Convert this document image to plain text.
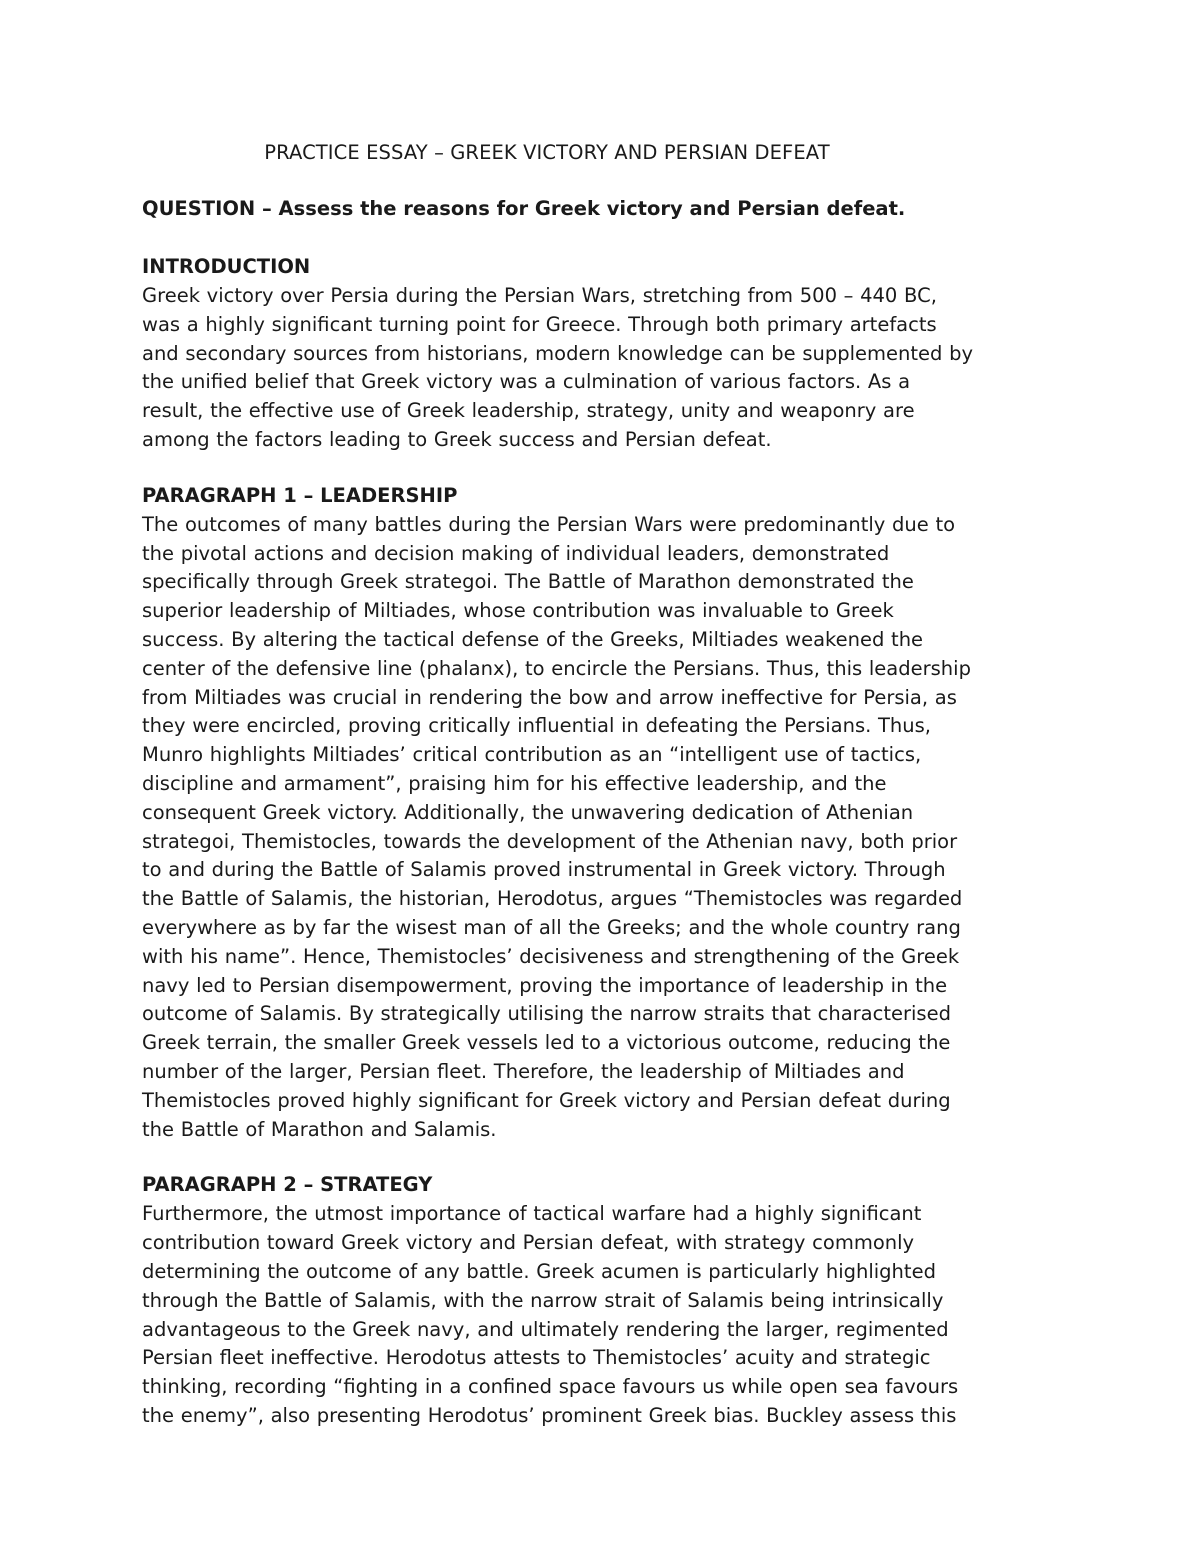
PRACTICE ESSAY – GREEK VICTORY AND PERSIAN DEFEAT

QUESTION – Assess the reasons for Greek victory and Persian defeat.

INTRODUCTION

Greek victory over Persia during the Persian Wars, stretching from 500 – 440 BC,
was a highly significant turning point for Greece. Through both primary artefacts
and secondary sources from historians, modern knowledge can be supplemented by
the unified belief that Greek victory was a culmination of various factors. As a
result, the effective use of Greek leadership, strategy, unity and weaponry are
among the factors leading to Greek success and Persian defeat.

PARAGRAPH 1 – LEADERSHIP

The outcomes of many battles during the Persian Wars were predominantly due to
the pivotal actions and decision making of individual leaders, demonstrated
specifically through Greek strategoi. The Battle of Marathon demonstrated the
superior leadership of Miltiades, whose contribution was invaluable to Greek
success. By altering the tactical defense of the Greeks, Miltiades weakened the
center of the defensive line (phalanx), to encircle the Persians. Thus, this leadership
from Miltiades was crucial in rendering the bow and arrow ineffective for Persia, as
they were encircled, proving critically influential in defeating the Persians. Thus,
Munro highlights Miltiades’ critical contribution as an “intelligent use of tactics,
discipline and armament”, praising him for his effective leadership, and the
consequent Greek victory. Additionally, the unwavering dedication of Athenian
strategoi, Themistocles, towards the development of the Athenian navy, both prior
to and during the Battle of Salamis proved instrumental in Greek victory. Through
the Battle of Salamis, the historian, Herodotus, argues “Themistocles was regarded
everywhere as by far the wisest man of all the Greeks; and the whole country rang
with his name”. Hence, Themistocles’ decisiveness and strengthening of the Greek
navy led to Persian disempowerment, proving the importance of leadership in the
outcome of Salamis. By strategically utilising the narrow straits that characterised
Greek terrain, the smaller Greek vessels led to a victorious outcome, reducing the
number of the larger, Persian fleet. Therefore, the leadership of Miltiades and
Themistocles proved highly significant for Greek victory and Persian defeat during
the Battle of Marathon and Salamis.

PARAGRAPH 2 – STRATEGY

Furthermore, the utmost importance of tactical warfare had a highly significant
contribution toward Greek victory and Persian defeat, with strategy commonly
determining the outcome of any battle. Greek acumen is particularly highlighted
through the Battle of Salamis, with the narrow strait of Salamis being intrinsically
advantageous to the Greek navy, and ultimately rendering the larger, regimented
Persian fleet ineffective. Herodotus attests to Themistocles’ acuity and strategic
thinking, recording “fighting in a confined space favours us while open sea favours
the enemy”, also presenting Herodotus’ prominent Greek bias. Buckley assess this
